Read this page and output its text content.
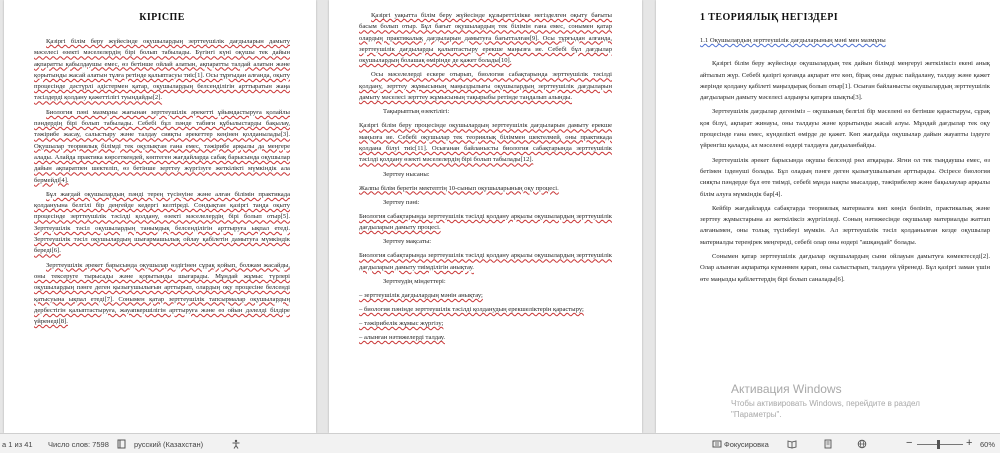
КІРІСПЕ
Қазіргі білім беру жүйесінде оқушылардың зерттеушілік дағдыларын дамыту мәселесі өзекті мәселелердің бірі болып табылады. Бүгінгі күні оқушы тек дайын ақпаратты қабылдаушы емес, өз бетінше ойлай алатын, ақпаратты талдай алатын және қорытынды жасай алатын тұлға ретінде қалыптасуы тиіс[1]. Осы тұрғыдан алғанда, оқыту процесінде дәстүрлі әдістермен қатар, оқушылардың белсенділігін арттыратын жаңа тәсілдерді қолдану қажеттілігі туындайды[2].
Биология пәні мазмұны жағынан зерттеушілік әрекетті ұйымдастыруға қолайлы пәндердің бірі болып табылады. Себебі бұл пәнде табиғи құбылыстарды бақылау, тәжірибе жасау, салыстыру және талдау сияқты әрекеттер кеңінен қолданылады[3]. Оқушылар теориялық білімді тек оқулықтан ғана емес, тәжірибе арқылы да меңгере алады. Алайда практика көрсеткендей, көптеген жағдайларда сабақ барысында оқушылар дайын ақпаратпен шектеліп, өз бетінше зерттеу жүргізуге жеткілікті мүмкіндік ала бермейді[4].
Бұл жағдай оқушылардың пәнді терең түсінуіне және алған білімін практикада қолдануына белгілі бір деңгейде кедергі келтіреді. Сондықтан қазіргі таңда оқыту процесінде зерттеушілік тәсілді қолдану, өзекті мәселелердің бірі болып отыр[5]. Зерттеушілік тәсіл оқушылардың танымдық белсенділігін арттыруға ықпал етеді. Зерттеушілік тәсіл оқушылардың шығармашылық ойлау қабілетін дамытуға мүмкіндік береді[6].
Зерттеушілік әрекет барысында оқушылар өздігінен сұрақ қойып, болжам жасайды, оны тексеруге тырысады және қорытынды шығарады. Мұндай жұмыс түрлері оқушылардың пәнге деген қызығушылығын арттырып, олардың оқу процесіне белсенді қатысуына ықпал етеді[7]. Сонымен қатар зерттеушілік тапсырмалар оқушылардың дербестігін қалыптастыруға, жауапкершілігін арттыруға және өз ойын дәлелді білдіре үйренеді[8].
Қазіргі уақытта білім беру жүйесінде құзыреттілікке негізделген оқыту бағыты басым болып отыр. Бұл бағыт оқушылардың тек білімін ғана емес, сонымен қатар олардың практикалық дағдыларын дамытуға бағытталған[9]. Осы тұрғыдан алғанда, зерттеушілік дағдыларды қалыптастыру ерекше маңызға ие. Себебі бұл дағдылар оқушылардың болашақ өмірінде де қажет болады[10].
Осы мәселелерді ескере отырып, биология сабақтарында зерттеушілік тәсілді қолдану, зерттеу жұмысының маңыздылығы оқушылардың зерттеушілік дағдыларын дамыту мәселесі зерттеу жұмысының тақырыбы ретінде таңдалып алынды.
Тақырыптың өзектілігі:
Қазіргі білім беру процесінде оқушылардың зерттеушілік дағдыларын дамыту ерекше маңызға ие. Себебі оқушылар тек теориялық біліммен шектелмей, оны практикада қолдана білуі тиіс[11]. Осығанан байланысты биология сабақтарында зерттеушілік тәсілді қолдану өзекті мәселелердің бірі болып табылады[12].
Зерттеу нысаны:
Жалпы білім беретін мектептің 10-сынып оқушыларының оқу процесі.
Зерттеу пәні:
Биология сабақтарында зерттеушілік тәсілді қолдану арқылы оқушылардың зерттеушілік дағдыларын дамыту процесі.
Зерттеу мақсаты:
Биология сабақтарында зерттеушілік тәсілді қолдану арқылы оқушылардың зерттеушілік дағдыларын дамыту тиімділігін анықтау.
Зерттеудің міндеттері:
– зерттеушілік дағдылардың мәнін анықтау;
– биология пәнінде зерттеушілік тәсілді қолданудың ерекшеліктерін қарастыру;
– тәжірибелік жұмыс жүргізу;
– алынған нәтижелерді талдау.
1 ТЕОРИЯЛЫҚ НЕГІЗДЕРІ
1.1 Оқушылардың зерттеушілік дағдыларының мәні мен мазмұны
Қазіргі білім беру жүйесінде оқушылардың тек дайын білімді меңгеруі жеткіліксіз екені анық айтылып жүр. Себебі қазіргі қоғамда ақпарат өте көп, бірақ оны дұрыс пайдалану, талдау және қажет жерінде қолдану қабілеті маңыздырақ болып отыр[1]. Осыған байланысты оқушылардың зерттеушілік дағдыларын дамыту мәселесі алдыңғы қатарға шықты[3].
Зерттеушілік дағдылар дегеніміз – оқушының белгілі бір мәселені өз бетінше қарастыруы, сұрақ қоя білуі, ақпарат жинауы, оны талдауы және қорытынды жасай алуы. Мұндай дағдылар тек оқу процесінде ғана емес, күнделікті өмірде де қажет. Көп жағдайда оқушылар дайын жауапты іздеуге үйренгіш қалады, ал мәселені өздері талдауға дағдыланбайды.
Зерттеушілік әрекет барысында оқушы белсенді рөл атқарады. Ягни ол тек тыңдаушы емес, өз бетімен ізденуші болады. Бұл оладың пәнге деген қызығушылығын арттырады. Әсіресе биология сияқты пәндерде бұл өте тиімді, себебі мұнда нақты мысалдар, тәжірибелер және бақылаулар арқылы білім алуға мүмкіндік бар[4].
Кейбір жағдайларда сабақтарда теориялық материалға көп көңіл бөлініп, практикалық және зерттеу жұмыстарына аз жеткіліксіз жүргізіледі. Соның нәтижесінде оқушылар материалды жаттап алғанымен, оны толық түсінбеуі мүмкін. Ал зерттеушілік тәсіл қолданылған кезде оқушылар материалды тереңірек меңгереді, себебі олар оны өздері "ашқандай" болады.
Сонымен қатар зерттеушілік дағдылар оқушылардың сыни ойлауын дамытуға көмектеседі[2]. Олар алынған ақпаратқа күмәнмен қарап, оны салыстырып, талдауға үйренеді. Бұл қазіргі заман үшін өте маңызды қабілеттердің бірі болып саналады[6].
Активация Windows
Чтобы активировать Windows, перейдите в раздел
"Параметры".
а 1 из 41 Число слов: 7598	русский (Казахстан)	Фокусировка	−	+ 60%
